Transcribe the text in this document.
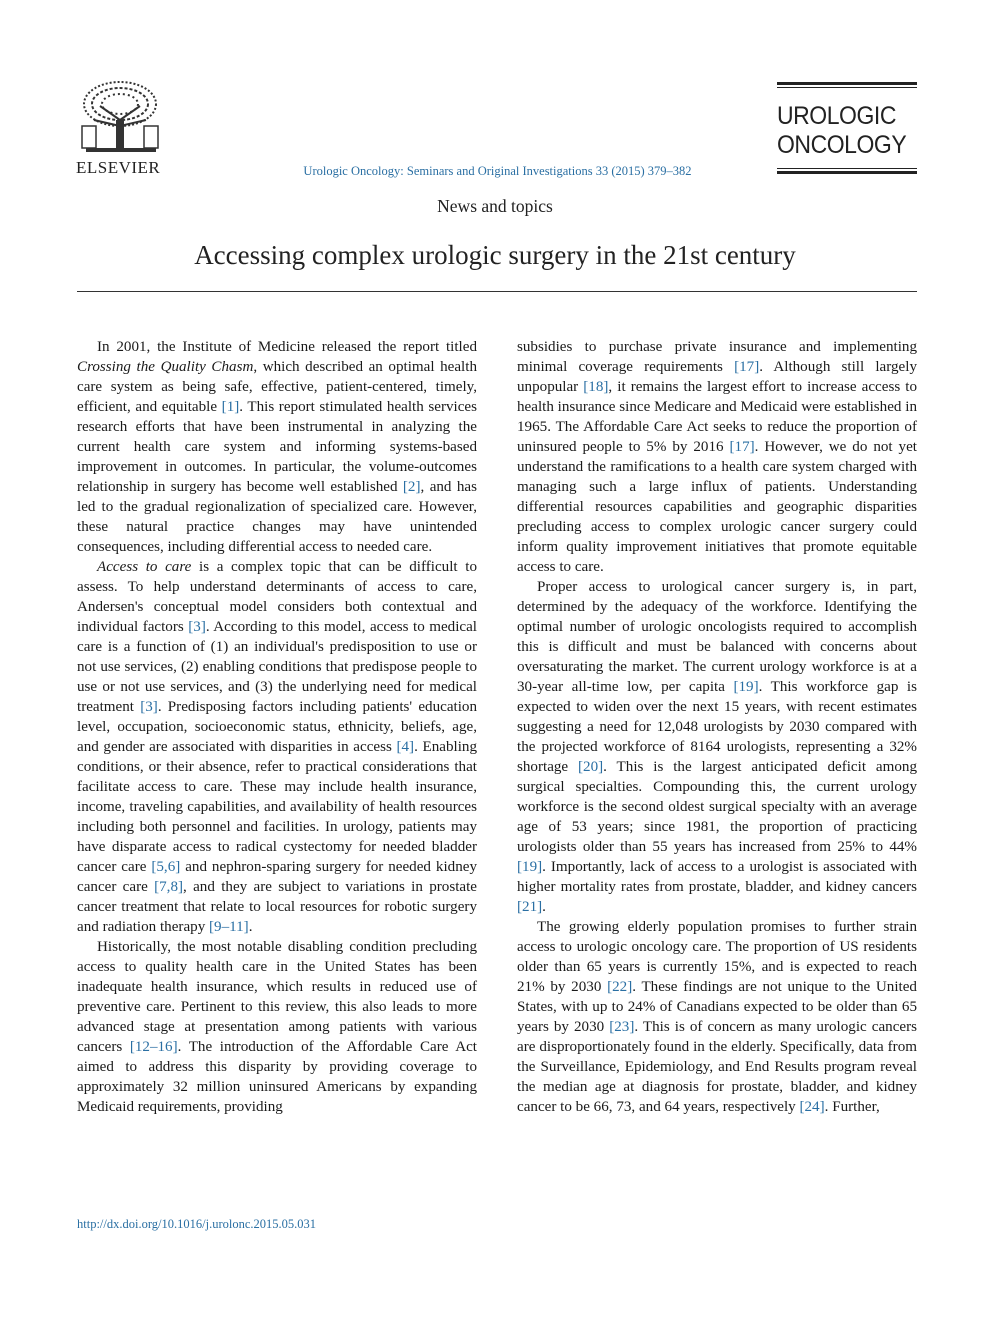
ELSEVIER	Urologic Oncology: Seminars and Original Investigations 33 (2015) 379–382
UROLOGIC
ONCOLOGY
News and topics
Accessing complex urologic surgery in the 21st century

In 2001, the Institute of Medicine released the report titled Crossing the Quality Chasm, which described an optimal health care system as being safe, effective, patient-centered, timely, efficient, and equitable [1]. This report stimulated health services research efforts that have been instrumental in analyzing the current health care system and informing systems-based improvement in outcomes. In particular, the volume-outcomes relationship in surgery has become well established [2], and has led to the gradual regionalization of specialized care. However, these natural practice changes may have unintended consequences, including differential access to needed care.

Access to care is a complex topic that can be difficult to assess. To help understand determinants of access to care, Andersen's conceptual model considers both contextual and individual factors [3]. According to this model, access to medical care is a function of (1) an individual's predisposition to use or not use services, (2) enabling conditions that predispose people to use or not use services, and (3) the underlying need for medical treatment [3]. Predisposing factors including patients' education level, occupation, socioeconomic status, ethnicity, beliefs, age, and gender are associated with disparities in access [4]. Enabling conditions, or their absence, refer to practical considerations that facilitate access to care. These may include health insurance, income, traveling capabilities, and availability of health resources including both personnel and facilities. In urology, patients may have disparate access to radical cystectomy for needed bladder cancer care [5,6] and nephron-sparing surgery for needed kidney cancer care [7,8], and they are subject to variations in prostate cancer treatment that relate to local resources for robotic surgery and radiation therapy [9–11].

Historically, the most notable disabling condition precluding access to quality health care in the United States has been inadequate health insurance, which results in reduced use of preventive care. Pertinent to this review, this also leads to more advanced stage at presentation among patients with various cancers [12–16]. The introduction of the Affordable Care Act aimed to address this disparity by providing coverage to approximately 32 million uninsured Americans by expanding Medicaid requirements, providing

subsidies to purchase private insurance and implementing minimal coverage requirements [17]. Although still largely unpopular [18], it remains the largest effort to increase access to health insurance since Medicare and Medicaid were established in 1965. The Affordable Care Act seeks to reduce the proportion of uninsured people to 5% by 2016 [17]. However, we do not yet understand the ramifications to a health care system charged with managing such a large influx of patients. Understanding differential resources capabilities and geographic disparities precluding access to complex urologic cancer surgery could inform quality improvement initiatives that promote equitable access to care.

Proper access to urological cancer surgery is, in part, determined by the adequacy of the workforce. Identifying the optimal number of urologic oncologists required to accomplish this is difficult and must be balanced with concerns about oversaturating the market. The current urology workforce is at a 30-year all-time low, per capita [19]. This workforce gap is expected to widen over the next 15 years, with recent estimates suggesting a need for 12,048 urologists by 2030 compared with the projected workforce of 8164 urologists, representing a 32% shortage [20]. This is the largest anticipated deficit among surgical specialties. Compounding this, the current urology workforce is the second oldest surgical specialty with an average age of 53 years; since 1981, the proportion of practicing urologists older than 55 years has increased from 25% to 44% [19]. Importantly, lack of access to a urologist is associated with higher mortality rates from prostate, bladder, and kidney cancers [21].

The growing elderly population promises to further strain access to urologic oncology care. The proportion of US residents older than 65 years is currently 15%, and is expected to reach 21% by 2030 [22]. These findings are not unique to the United States, with up to 24% of Canadians expected to be older than 65 years by 2030 [23]. This is of concern as many urologic cancers are disproportionately found in the elderly. Specifically, data from the Surveillance, Epidemiology, and End Results program reveal the median age at diagnosis for prostate, bladder, and kidney cancer to be 66, 73, and 64 years, respectively [24]. Further,

http://dx.doi.org/10.1016/j.urolonc.2015.05.031
